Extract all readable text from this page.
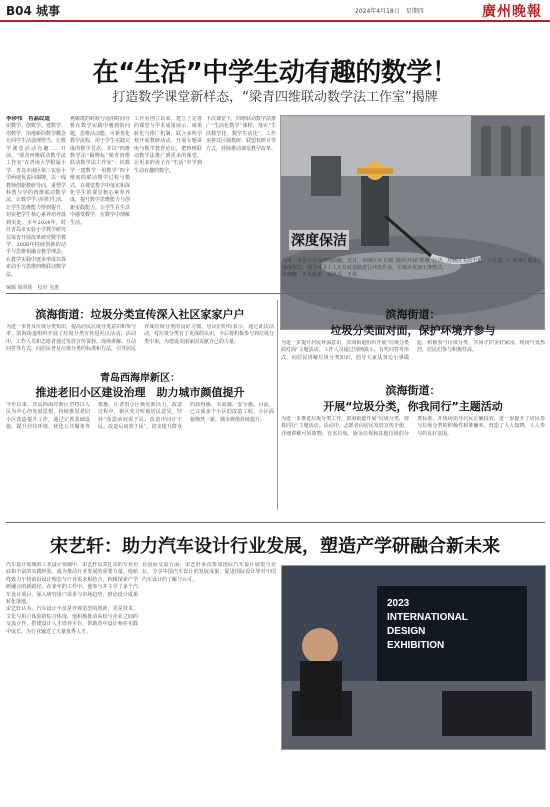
B04 城事	2024年4月18日　星期四	廣州晚報
在“生活”中学生动有趣的数学！
打造数学课堂新样态，“梁青四维联动数学法工作室”揭牌
李珍伟　肖晶纹道
识数学、创数学、建数学、用数学，用地新的数学概念让同学生活造理得当，让数学课堂活动有趣……日前，“梁青四维联动数学法工作室”在青南大学附属小学、青岛市南区第三实验小学两地负责回揭牌。以一线教师创新教研导向，重塑学科教与学的四维联动数学法，让数学学习回归生活，让学生思维能力得到提升，切实把学生核心素养培养落到实处。本年2024年，时任青岛市实验小学教学研究员梁青开展改革研究数学教学，2008年持续创新的动手与思维相融合教学理念，在教学实践中逐步形成以探索动手与思维四维联动数学法。
燕姬群的时候与适用时间分析在数学实践中遇到的问题，思维活动能、可新优化教学流程，用于学生实践完成的数学首次，并以“四维数学法”揭牌标“梁青四维联动数学法工作室”：识数学一建数学一用数学“四个维度的联动教学过程与模式，在课堂教学中落实和深化学生的课堂核心素养养成，提升数学思维能力与创新实践能力，让学生在生活中感受数学，在数学中理解生活。
工作室创立以来，建立了完善的课堂与学术成果展示、成果转化与推广机制，联合多所学校开展教研活动，开展专题讲座与数学教育论坛，把四维联动数学法推广到更多的课堂，让更多的孩子在“生活”中学到生动有趣的数学。
下次课堂下，四维联动数学法推广“生活化数学”课程，落实“生活数学化、数学生活化”。工作室将以区域教研、联盟校研讨等方式，持续推动课堂教学改革。
深度保洁
为进一步提升市容环境面貌，近日，市南区环卫部门组织开展“洗城”行动，对辖区主次干道、人行道、广场等区域进行深度保洁。图为环卫工人正在对道路进行冲洗作业，让城市更加干净整洁。
张晓鹏　青岛报道　通讯员　王伟
编辑 梁翠娇　校对 吴惠
滨海街道：垃圾分类宣传深入社区家家户户
为进一步普及垃圾分类知识，提高居民垃圾分类意识和参与率，滨海街道组织开展了垃圾分类宣传进社区活动。活动中，工作人员和志愿者通过发放宣传资料、现场讲解、互动问答等方式，向居民普及垃圾分类的标准和方法，引导居民养成垃圾分类的良好习惯。居民们纷纷表示，通过此次活动，对垃圾分类有了更深的认识，今后将积极参与到垃圾分类中来，为建设美丽家园贡献自己的力量。
青岛西海岸新区：
推进老旧小区建设治理　助力城市颜值提升
今年以来，青岛西海岸新区坚持以人民为中心的发展思想，持续推进老旧小区改造提升工作，通过完善基础设施、提升居住环境、优化公共服务等措施，让老旧小区焕发新活力。改造过程中，新区充分听取居民意见，坚持“改造前问需于民、改造中问计于民、改造后问效于民”，切实提升群众的获得感、幸福感、安全感。目前，已完成多个小区的改造工程，小区面貌焕然一新，城市颜值持续提升。
滨海街道：
垃圾分类面对面，保护环境齐参与
为进一步提升居民环保意识，滨海街道组织开展“垃圾分类面对面”主题活动。工作人员通过现场演示、有奖问答等形式，向居民讲解垃圾分类知识，倡导大家从身边小事做起，积极参与垃圾分类，共同守护美好家园。现场气氛热烈，居民们参与积极性高。
滨海街道：
开展“垃圾分类，你我同行”主题活动
为进一步推进垃圾分类工作，滨海街道开展“垃圾分类，你我同行”主题活动。活动中，志愿者向居民发放宣传手册，详细讲解可回收物、有害垃圾、厨余垃圾和其他垃圾的分类标准，并现场指导居民正确投放，进一步提升了居民参与垃圾分类的积极性和准确率，营造了人人知晓、人人参与的良好氛围。
宋艺轩：助力汽车设计行业发展，塑造产学研融合新未来
汽车设计领域的工业设计领域中，宋艺轩以其扎实的专业功底和丰富的实践经验，成为推动行业发展的重要力量。他始终致力于将前沿设计理念与产业需求相结合，积极探索产学研融合的新路径。在多年的工作中，他参与并主导了多个汽车设计项目，深入研究用户需求与市场趋势，推动设计成果转化落地。
宋艺轩认为，汽车设计不仅是外观造型的创新，更是技术、文化与用户体验的综合体现。他积极推动高校与企业之间的交流合作，搭建设计人才培养平台，帮助青年设计师在实践中成长，为行业输送了大量优秀人才。
在国际交流方面，宋艺轩多次参加国际汽车设计展览与论坛，分享中国汽车设计的发展成果，促进国际设计界对中国汽车设计的了解与认可。
2023
INTERNATIONAL
DESIGN
EXHIBITION
